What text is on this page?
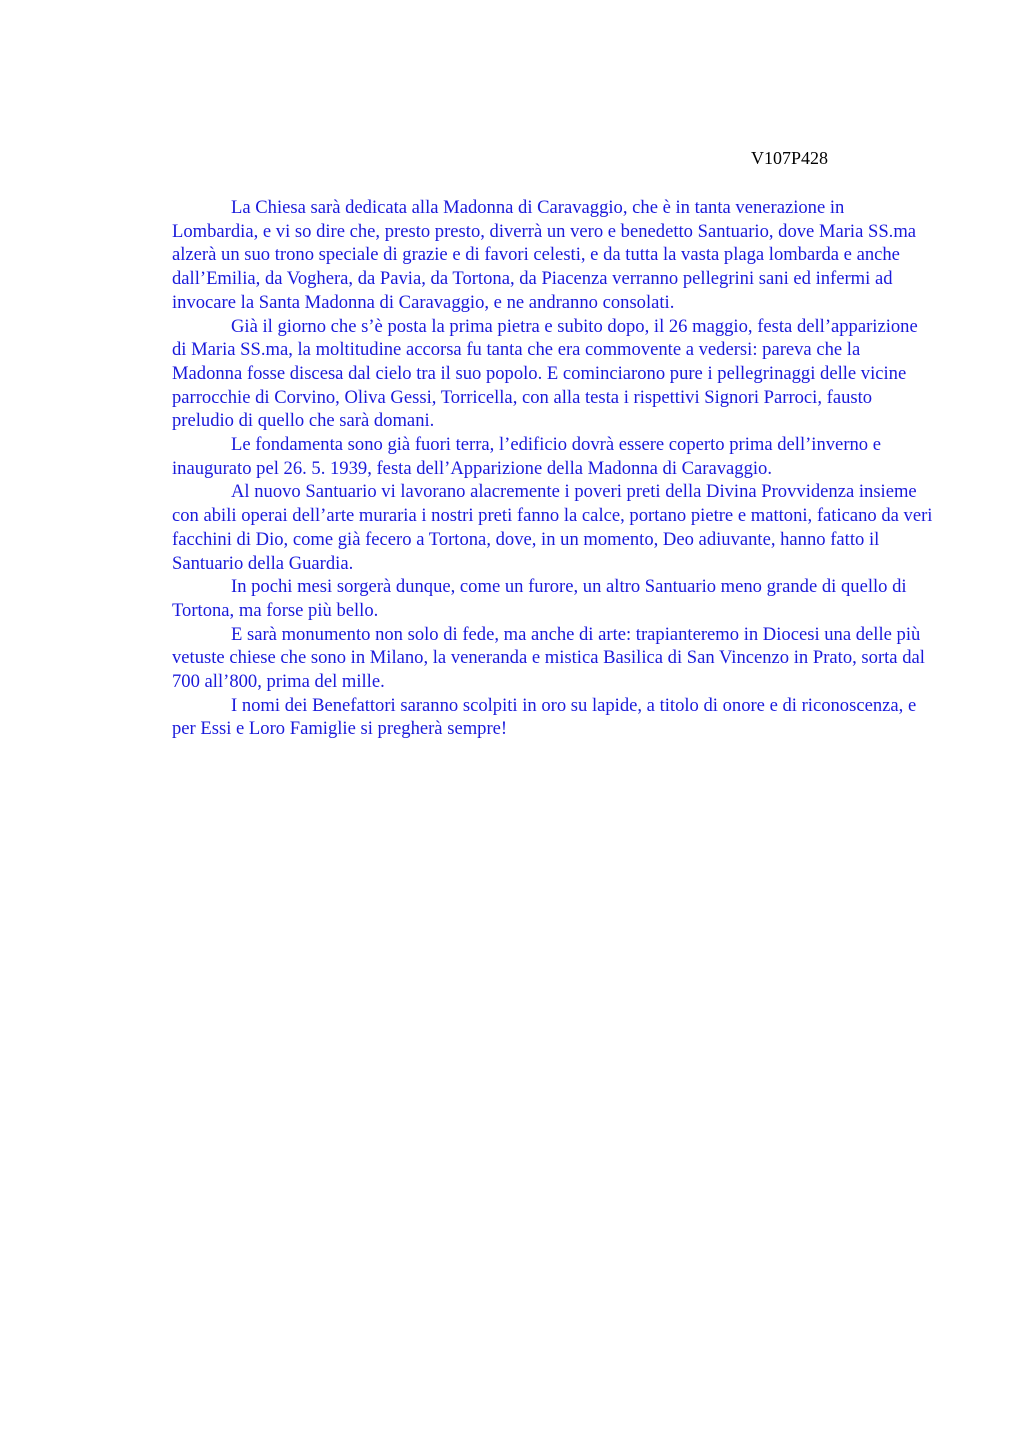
V107P428

La Chiesa sarà dedicata alla Madonna di Caravaggio, che è in tanta venerazione in Lombardia, e vi so dire che, presto presto, diverrà un vero e benedetto Santuario, dove Maria SS.ma alzerà un suo trono speciale di grazie e di favori celesti, e da tutta la vasta plaga lombarda e anche dall’Emilia, da Voghera, da Pavia, da Tortona, da Piacenza verranno pellegrini sani ed infermi ad invocare la Santa Madonna di Caravaggio, e ne andranno consolati.

Già il giorno che s’è posta la prima pietra e subito dopo, il 26 maggio, festa dell’apparizione di Maria SS.ma, la moltitudine accorsa fu tanta che era commovente a vedersi: pareva che la Madonna fosse discesa dal cielo tra il suo popolo. E cominciarono pure i pellegrinaggi delle vicine parrocchie di Corvino, Oliva Gessi, Torricella, con alla testa i rispettivi Signori Parroci, fausto preludio di quello che sarà domani.

Le fondamenta sono già fuori terra, l’edificio dovrà essere coperto prima dell’inverno e inaugurato pel 26. 5. 1939, festa dell’Apparizione della Madonna di Caravaggio.

Al nuovo Santuario vi lavorano alacremente i poveri preti della Divina Provvidenza insieme con abili operai dell’arte muraria i nostri preti fanno la calce, portano pietre e mattoni, faticano da veri facchini di Dio, come già fecero a Tortona, dove, in un momento, Deo adiuvante, hanno fatto il Santuario della Guardia.

In pochi mesi sorgerà dunque, come un furore, un altro Santuario meno grande di quello di Tortona, ma forse più bello.

E sarà monumento non solo di fede, ma anche di arte: trapianteremo in Diocesi una delle più vetuste chiese che sono in Milano, la veneranda e mistica Basilica di San Vincenzo in Prato, sorta dal 700 all’800, prima del mille.

I nomi dei Benefattori saranno scolpiti in oro su lapide, a titolo di onore e di riconoscenza, e per Essi e Loro Famiglie si pregherà sempre!
